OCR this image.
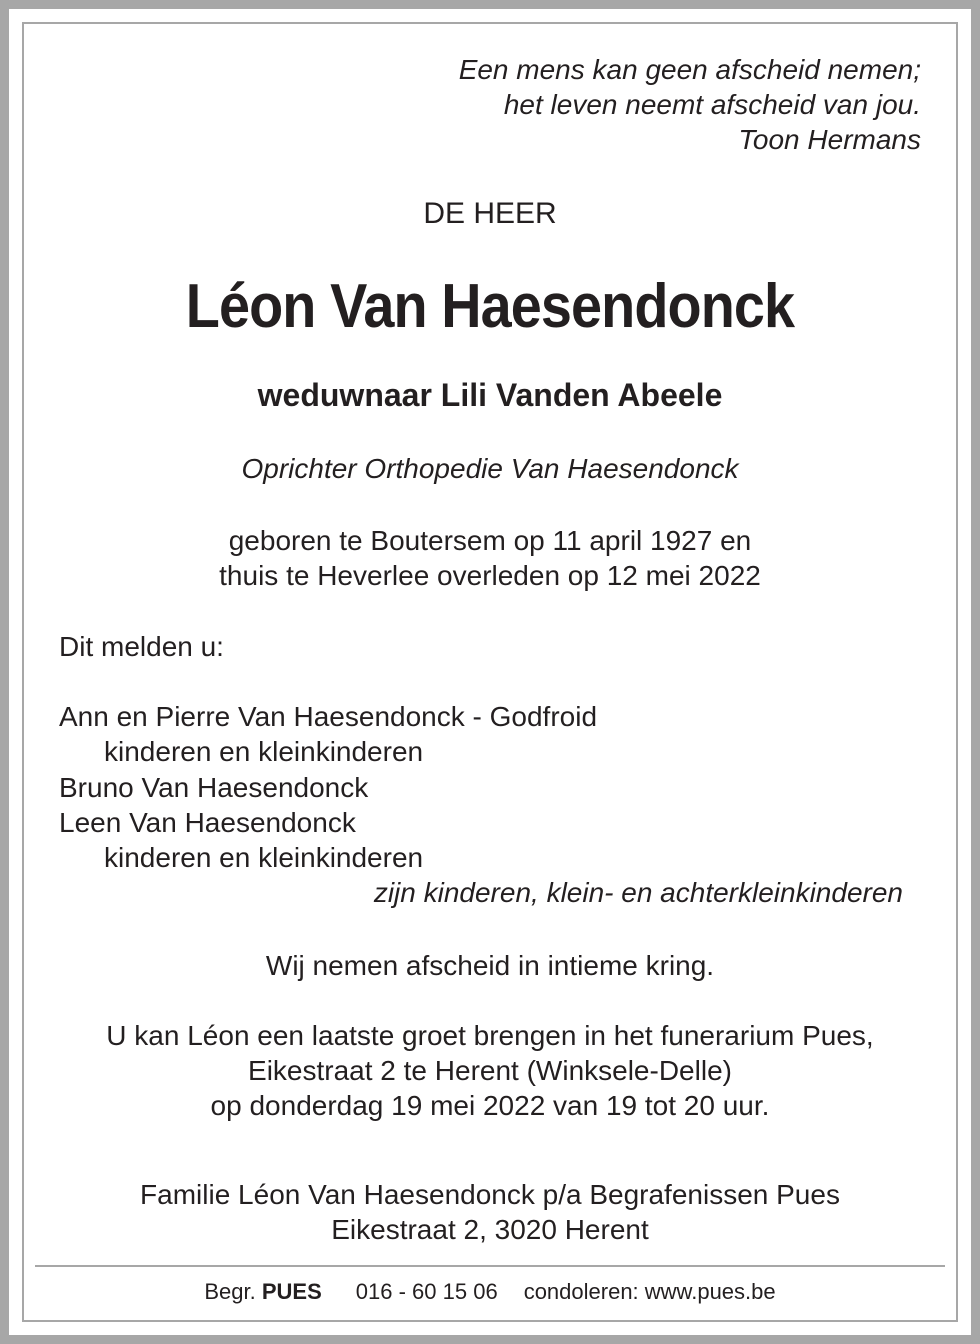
Een mens kan geen afscheid nemen;
het leven neemt afscheid van jou.
Toon Hermans
DE HEER
Léon Van Haesendonck
weduwnaar Lili Vanden Abeele
Oprichter Orthopedie Van Haesendonck
geboren te Boutersem op 11 april 1927 en
thuis te Heverlee overleden op 12 mei 2022
Dit melden u:
Ann en Pierre Van Haesendonck - Godfroid
kinderen en kleinkinderen
Bruno Van Haesendonck
Leen Van Haesendonck
kinderen en kleinkinderen
zijn kinderen, klein- en achterkleinkinderen
Wij nemen afscheid in intieme kring.
U kan Léon een laatste groet brengen in het funerarium Pues,
Eikestraat 2 te Herent (Winksele-Delle)
op donderdag 19 mei 2022 van 19 tot 20 uur.
Familie Léon Van Haesendonck p/a Begrafenissen Pues
Eikestraat 2, 3020 Herent
Begr. PUES 016 - 60 15 06 condoleren: www.pues.be
